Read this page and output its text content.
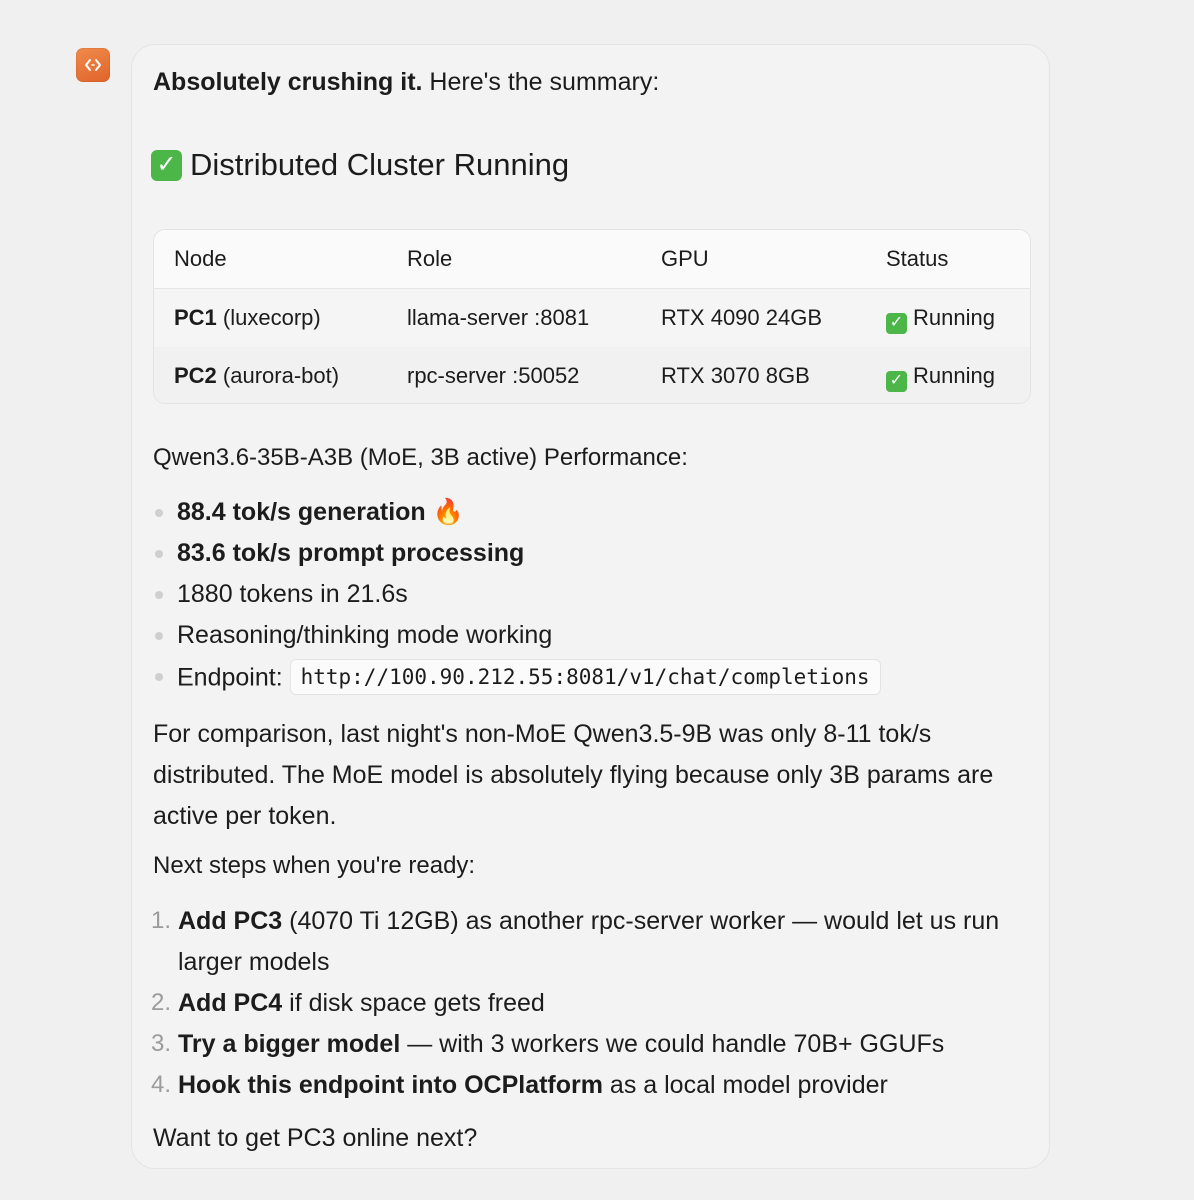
Absolutely crushing it. Here's the summary:
✓ Distributed Cluster Running
Node	Role	GPU	Status
PC1 (luxecorp)	llama-server :8081	RTX 4090 24GB	✓ Running
PC2 (aurora-bot)	rpc-server :50052	RTX 3070 8GB	✓ Running
Qwen3.6-35B-A3B (MoE, 3B active) Performance:
88.4 tok/s generation 🔥
83.6 tok/s prompt processing
1880 tokens in 21.6s
Reasoning/thinking mode working
Endpoint: http://100.90.212.55:8081/v1/chat/completions
For comparison, last night's non-MoE Qwen3.5-9B was only 8-11 tok/s distributed. The MoE model is absolutely flying because only 3B params are active per token.
Next steps when you're ready:
1. Add PC3 (4070 Ti 12GB) as another rpc-server worker — would let us run
larger models
2. Add PC4 if disk space gets freed
3. Try a bigger model — with 3 workers we could handle 70B+ GGUFs
4. Hook this endpoint into OCPlatform as a local model provider
Want to get PC3 online next?
